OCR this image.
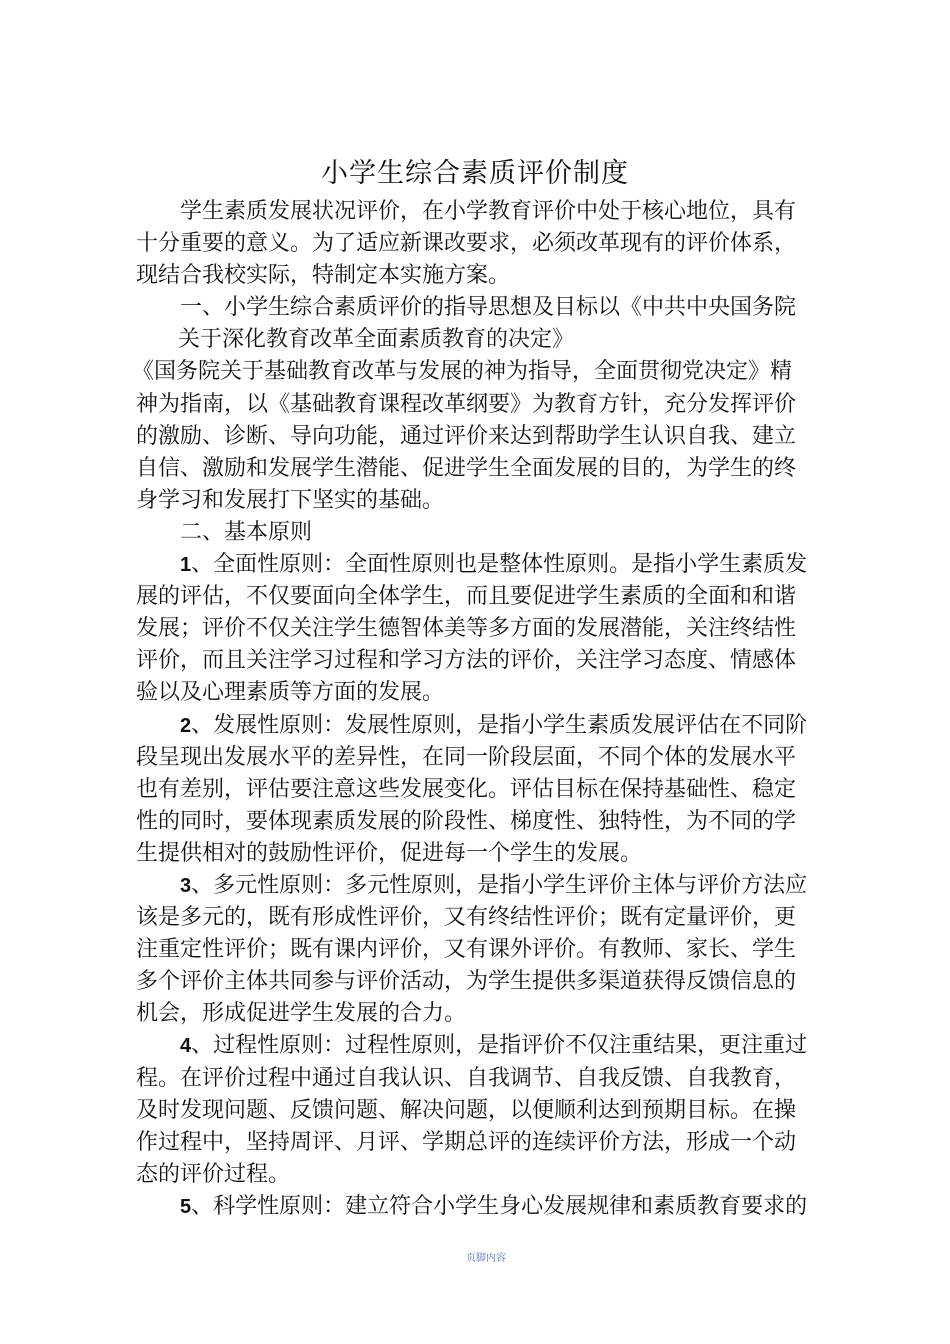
小学生综合素质评价制度
学生素质发展状况评价，在小学教育评价中处于核心地位，具有
十分重要的意义。为了适应新课改要求，必须改革现有的评价体系，
现结合我校实际，特制定本实施方案。
一、小学生综合素质评价的指导思想及目标以《中共中央国务院
关于深化教育改革全面素质教育的决定》
《国务院关于基础教育改革与发展的神为指导，全面贯彻党决定》精
神为指南，以《基础教育课程改革纲要》为教育方针，充分发挥评价
的激励、诊断、导向功能，通过评价来达到帮助学生认识自我、建立
自信、激励和发展学生潜能、促进学生全面发展的目的，为学生的终
身学习和发展打下坚实的基础。
二、基本原则
1、全面性原则：全面性原则也是整体性原则。是指小学生素质发
展的评估，不仅要面向全体学生，而且要促进学生素质的全面和和谐
发展；评价不仅关注学生德智体美等多方面的发展潜能，关注终结性
评价，而且关注学习过程和学习方法的评价，关注学习态度、情感体
验以及心理素质等方面的发展。
2、发展性原则：发展性原则，是指小学生素质发展评估在不同阶
段呈现出发展水平的差异性，在同一阶段层面，不同个体的发展水平
也有差别，评估要注意这些发展变化。评估目标在保持基础性、稳定
性的同时，要体现素质发展的阶段性、梯度性、独特性，为不同的学
生提供相对的鼓励性评价，促进每一个学生的发展。
3、多元性原则：多元性原则，是指小学生评价主体与评价方法应
该是多元的，既有形成性评价，又有终结性评价；既有定量评价，更
注重定性评价；既有课内评价，又有课外评价。有教师、家长、学生
多个评价主体共同参与评价活动，为学生提供多渠道获得反馈信息的
机会，形成促进学生发展的合力。
4、过程性原则：过程性原则，是指评价不仅注重结果，更注重过
程。在评价过程中通过自我认识、自我调节、自我反馈、自我教育，
及时发现问题、反馈问题、解决问题，以便顺利达到预期目标。在操
作过程中，坚持周评、月评、学期总评的连续评价方法，形成一个动
态的评价过程。
5、科学性原则：建立符合小学生身心发展规律和素质教育要求的
页脚内容
